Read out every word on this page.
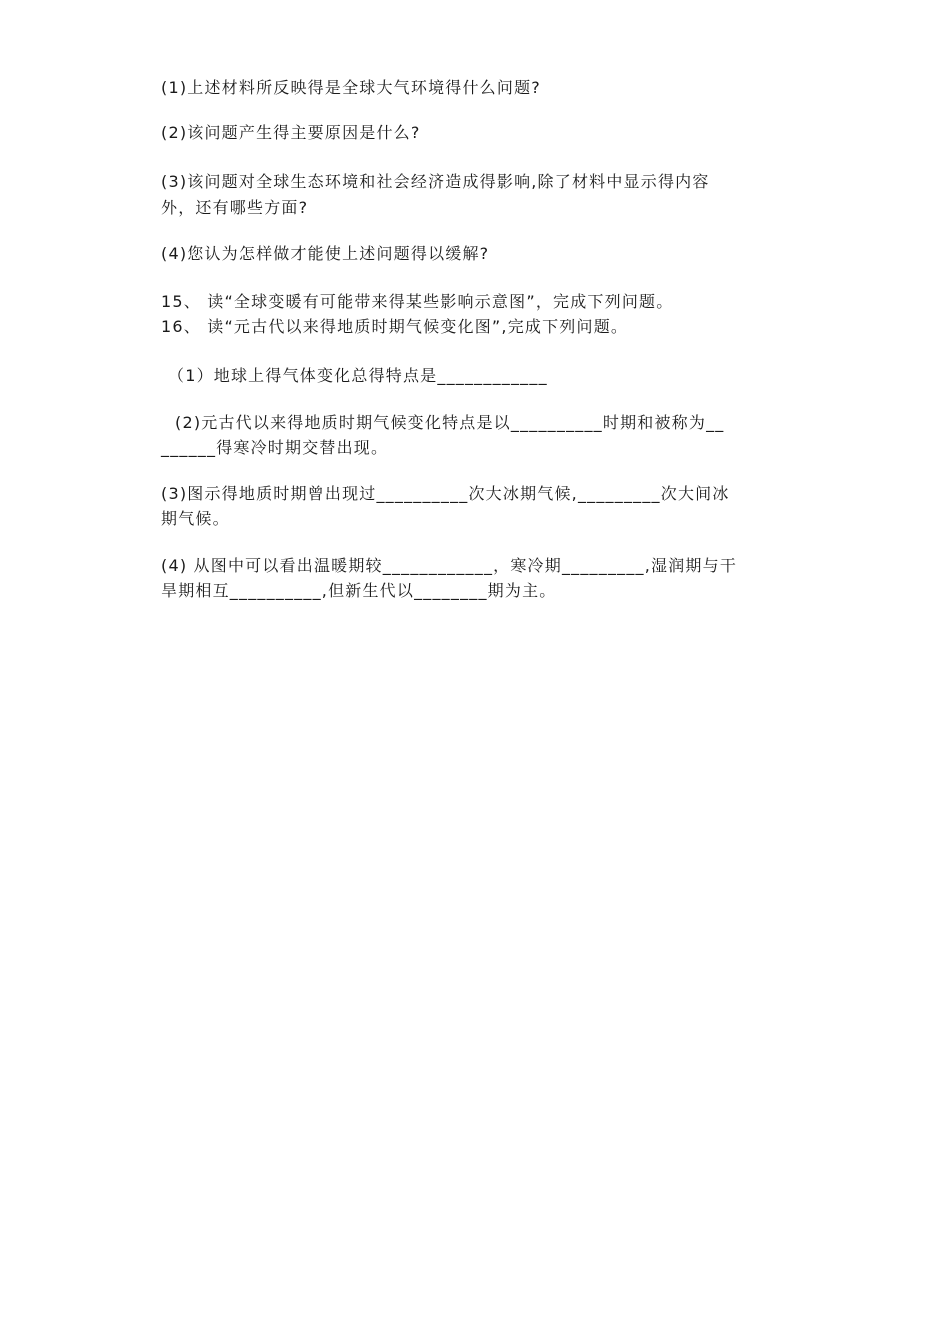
(1)上述材料所反映得是全球大气环境得什么问题?
(2)该问题产生得主要原因是什么?
(3)该问题对全球生态环境和社会经济造成得影响,除了材料中显示得内容
外，还有哪些方面?
(4)您认为怎样做才能使上述问题得以缓解?
15、 读“全球变暖有可能带来得某些影响示意图”，完成下列问题。
16、 读“元古代以来得地质时期气候变化图”,完成下列问题。
（1）地球上得气体变化总得特点是____________
(2)元古代以来得地质时期气候变化特点是以__________时期和被称为__
______得寒冷时期交替出现。
(3)图示得地质时期曾出现过__________次大冰期气候,_________次大间冰
期气候。
(4) 从图中可以看出温暖期较____________，寒冷期_________,湿润期与干
旱期相互__________,但新生代以________期为主。
